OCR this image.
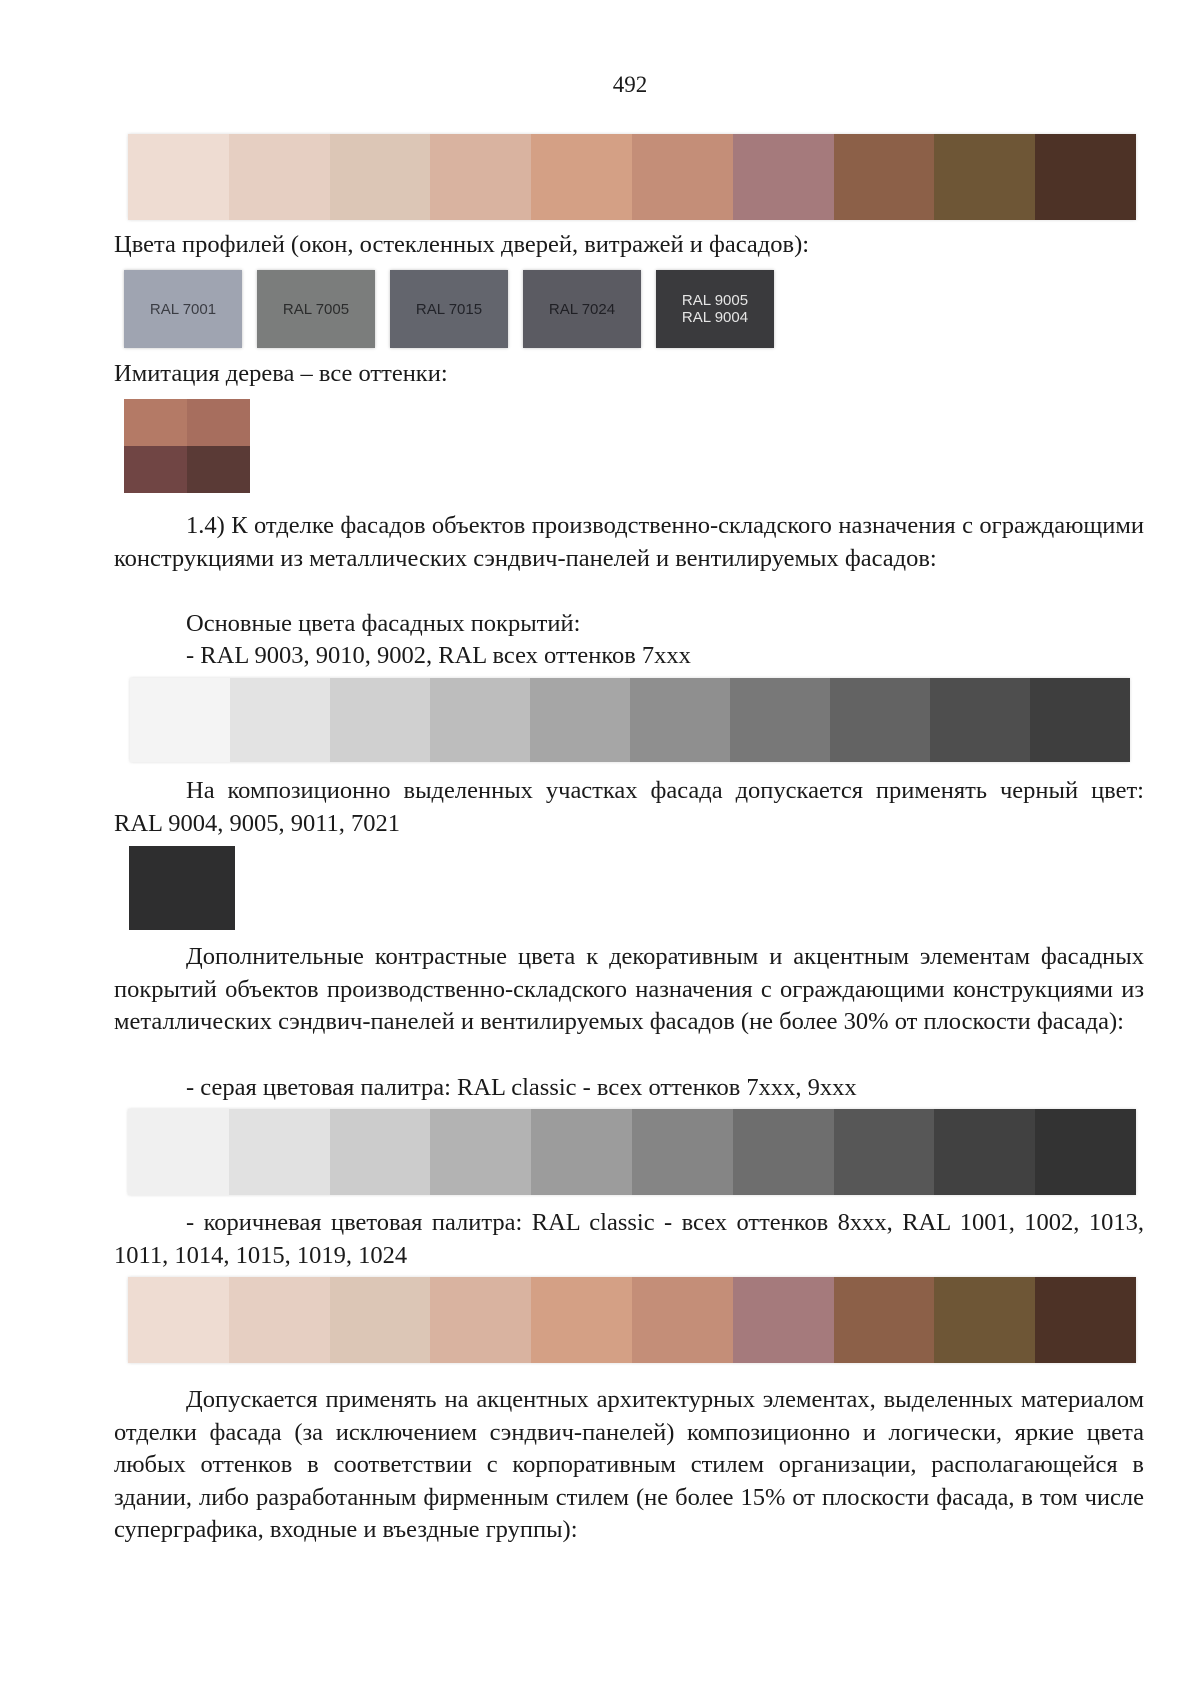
492
Цвета профилей (окон, остекленных дверей, витражей и фасадов):
RAL 7001	RAL 7005	RAL 7015	RAL 7024	RAL 9005
RAL 9004
Имитация дерева – все оттенки:
1.4) К отделке фасадов объектов производственно-складского назначения с ограждающими конструкциями из металлических сэндвич-панелей и вентилируемых фасадов:
Основные цвета фасадных покрытий:
- RAL 9003, 9010, 9002, RAL всех оттенков 7xxx
На композиционно выделенных участках фасада допускается применять черный цвет: RAL 9004, 9005, 9011, 7021
Дополнительные контрастные цвета к декоративным и акцентным элементам фасадных покрытий объектов производственно-складского назначения с ограждающими конструкциями из металлических сэндвич-панелей и вентилируемых фасадов (не более 30% от плоскости фасада):
- серая цветовая палитра: RAL classic - всех оттенков 7xxx, 9xxx
- коричневая цветовая палитра: RAL classic - всех оттенков 8xxx, RAL 1001, 1002, 1013, 1011, 1014, 1015, 1019, 1024
Допускается применять на акцентных архитектурных элементах, выделенных материалом отделки фасада (за исключением сэндвич-панелей) композиционно и логически, яркие цвета любых оттенков в соответствии с корпоративным стилем организации, располагающейся в здании, либо разработанным фирменным стилем (не более 15% от плоскости фасада, в том числе суперграфика, входные и въездные группы):
